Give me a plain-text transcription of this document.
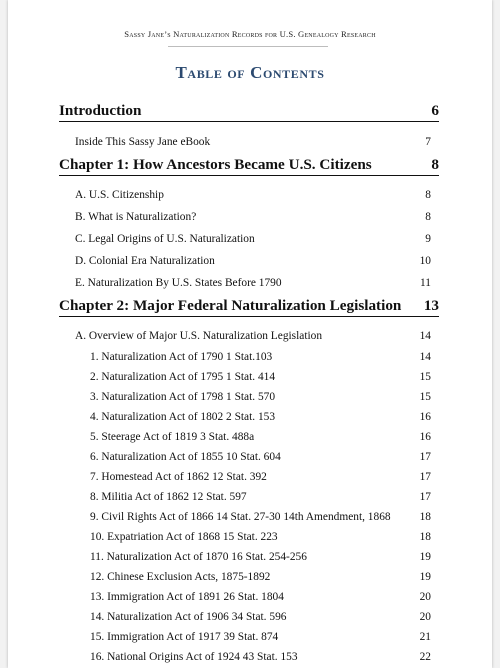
Sassy Jane’s Naturalization Records for U.S. Genealogy Research
Table of Contents
Introduction	6
Inside This Sassy Jane eBook	7
Chapter 1: How Ancestors Became U.S. Citizens	8
A. U.S. Citizenship	8
B. What is Naturalization?	8
C. Legal Origins of U.S. Naturalization	9
D. Colonial Era Naturalization	10
E. Naturalization By U.S. States Before 1790	11
Chapter 2: Major Federal Naturalization Legislation	13
A. Overview of Major U.S. Naturalization Legislation	14
1. Naturalization Act of 1790 1 Stat.103	14
2. Naturalization Act of 1795 1 Stat. 414	15
3. Naturalization Act of 1798 1 Stat. 570	15
4. Naturalization Act of 1802 2 Stat. 153	16
5. Steerage Act of 1819 3 Stat. 488a	16
6. Naturalization Act of 1855 10 Stat. 604	17
7. Homestead Act of 1862 12 Stat. 392	17
8. Militia Act of 1862 12 Stat. 597	17
9. Civil Rights Act of 1866 14 Stat. 27-30 14th Amendment, 1868	18
10. Expatriation Act of 1868 15 Stat. 223	18
11. Naturalization Act of 1870 16 Stat. 254-256	19
12. Chinese Exclusion Acts, 1875-1892	19
13. Immigration Act of 1891 26 Stat. 1804	20
14. Naturalization Act of 1906 34 Stat. 596	20
15. Immigration Act of 1917 39 Stat. 874	21
16. National Origins Act of 1924 43 Stat. 153	22
